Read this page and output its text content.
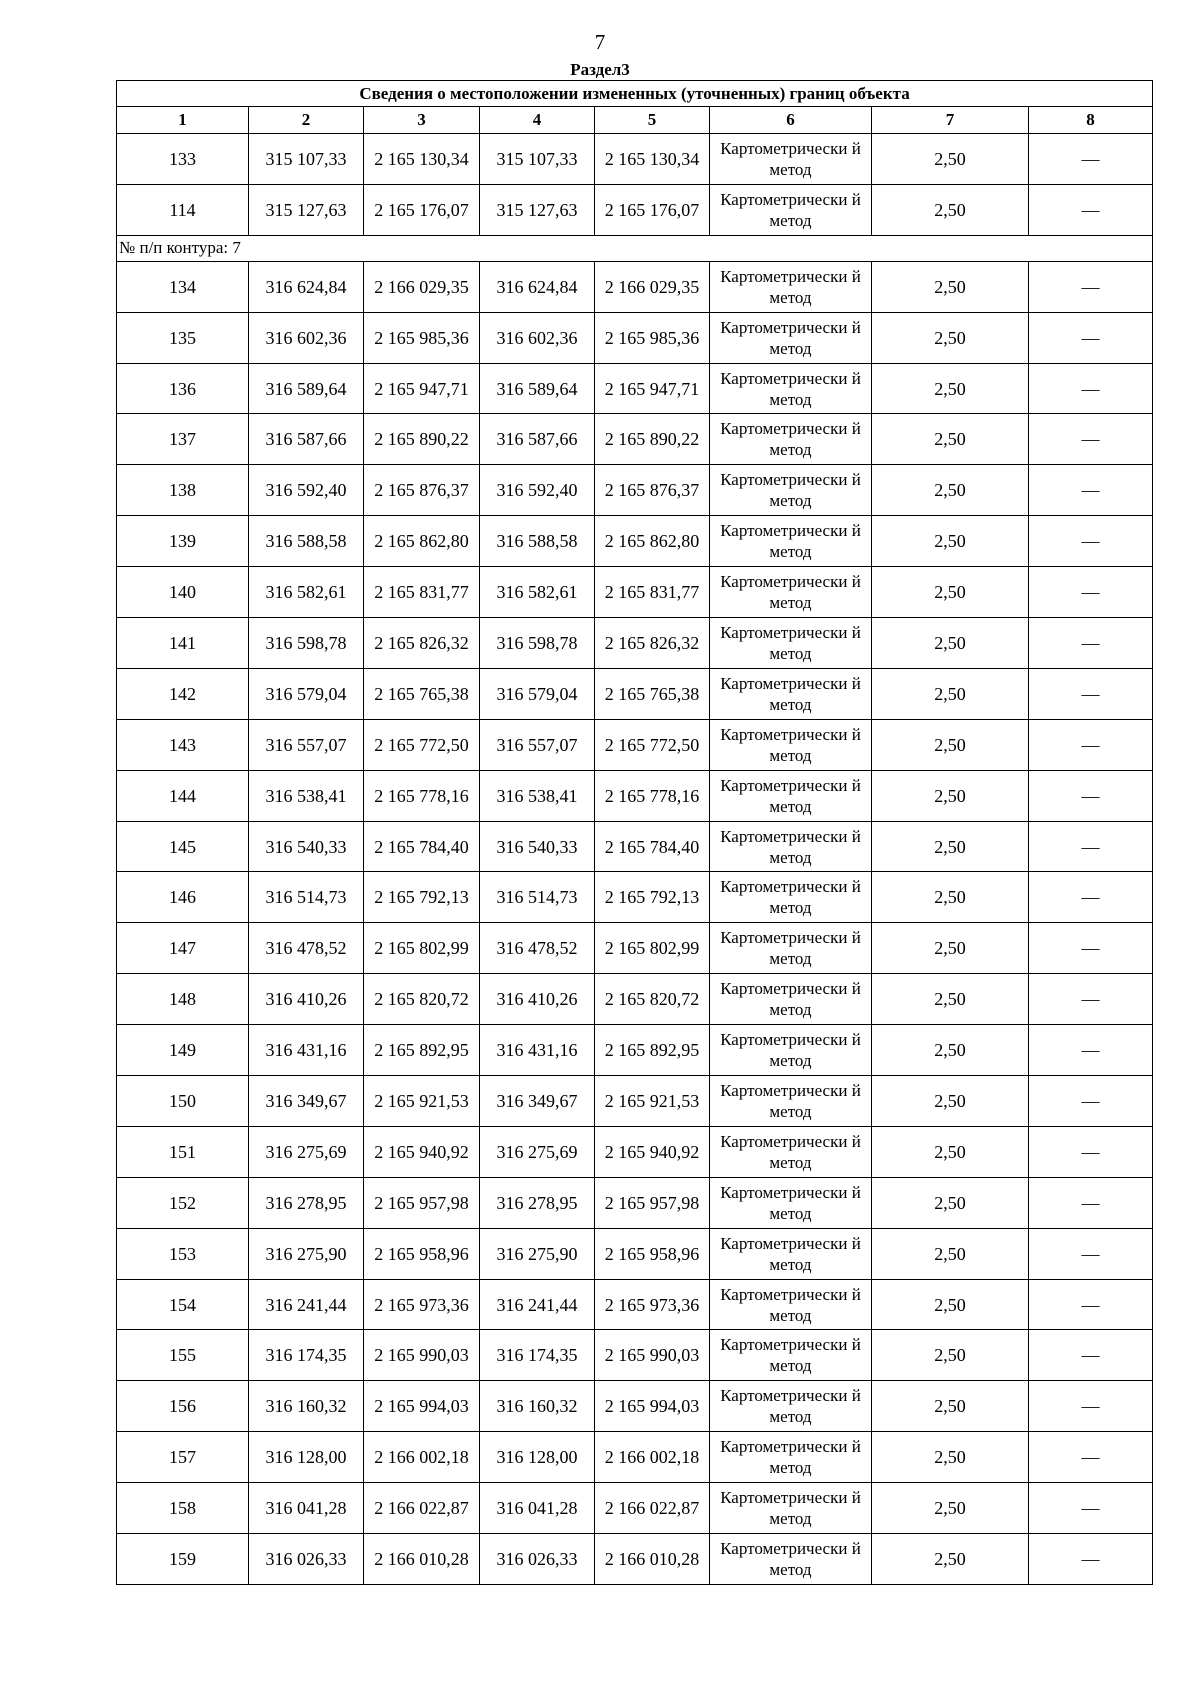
7
Раздел3
Сведения о местоположении измененных (уточненных) границ объекта							
1	2	3	4	5	6	7	8
133	315 107,33	2 165 130,34	315 107,33	2 165 130,34	Картометрически й метод	2,50	—
114	315 127,63	2 165 176,07	315 127,63	2 165 176,07	Картометрически й метод	2,50	—
№ п/п контура: 7							
134	316 624,84	2 166 029,35	316 624,84	2 166 029,35	Картометрически й метод	2,50	—
135	316 602,36	2 165 985,36	316 602,36	2 165 985,36	Картометрически й метод	2,50	—
136	316 589,64	2 165 947,71	316 589,64	2 165 947,71	Картометрически й метод	2,50	—
137	316 587,66	2 165 890,22	316 587,66	2 165 890,22	Картометрически й метод	2,50	—
138	316 592,40	2 165 876,37	316 592,40	2 165 876,37	Картометрически й метод	2,50	—
139	316 588,58	2 165 862,80	316 588,58	2 165 862,80	Картометрически й метод	2,50	—
140	316 582,61	2 165 831,77	316 582,61	2 165 831,77	Картометрически й метод	2,50	—
141	316 598,78	2 165 826,32	316 598,78	2 165 826,32	Картометрически й метод	2,50	—
142	316 579,04	2 165 765,38	316 579,04	2 165 765,38	Картометрически й метод	2,50	—
143	316 557,07	2 165 772,50	316 557,07	2 165 772,50	Картометрически й метод	2,50	—
144	316 538,41	2 165 778,16	316 538,41	2 165 778,16	Картометрически й метод	2,50	—
145	316 540,33	2 165 784,40	316 540,33	2 165 784,40	Картометрически й метод	2,50	—
146	316 514,73	2 165 792,13	316 514,73	2 165 792,13	Картометрически й метод	2,50	—
147	316 478,52	2 165 802,99	316 478,52	2 165 802,99	Картометрически й метод	2,50	—
148	316 410,26	2 165 820,72	316 410,26	2 165 820,72	Картометрически й метод	2,50	—
149	316 431,16	2 165 892,95	316 431,16	2 165 892,95	Картометрически й метод	2,50	—
150	316 349,67	2 165 921,53	316 349,67	2 165 921,53	Картометрически й метод	2,50	—
151	316 275,69	2 165 940,92	316 275,69	2 165 940,92	Картометрически й метод	2,50	—
152	316 278,95	2 165 957,98	316 278,95	2 165 957,98	Картометрически й метод	2,50	—
153	316 275,90	2 165 958,96	316 275,90	2 165 958,96	Картометрически й метод	2,50	—
154	316 241,44	2 165 973,36	316 241,44	2 165 973,36	Картометрически й метод	2,50	—
155	316 174,35	2 165 990,03	316 174,35	2 165 990,03	Картометрически й метод	2,50	—
156	316 160,32	2 165 994,03	316 160,32	2 165 994,03	Картометрически й метод	2,50	—
157	316 128,00	2 166 002,18	316 128,00	2 166 002,18	Картометрически й метод	2,50	—
158	316 041,28	2 166 022,87	316 041,28	2 166 022,87	Картометрически й метод	2,50	—
159	316 026,33	2 166 010,28	316 026,33	2 166 010,28	Картометрически й метод	2,50	—
